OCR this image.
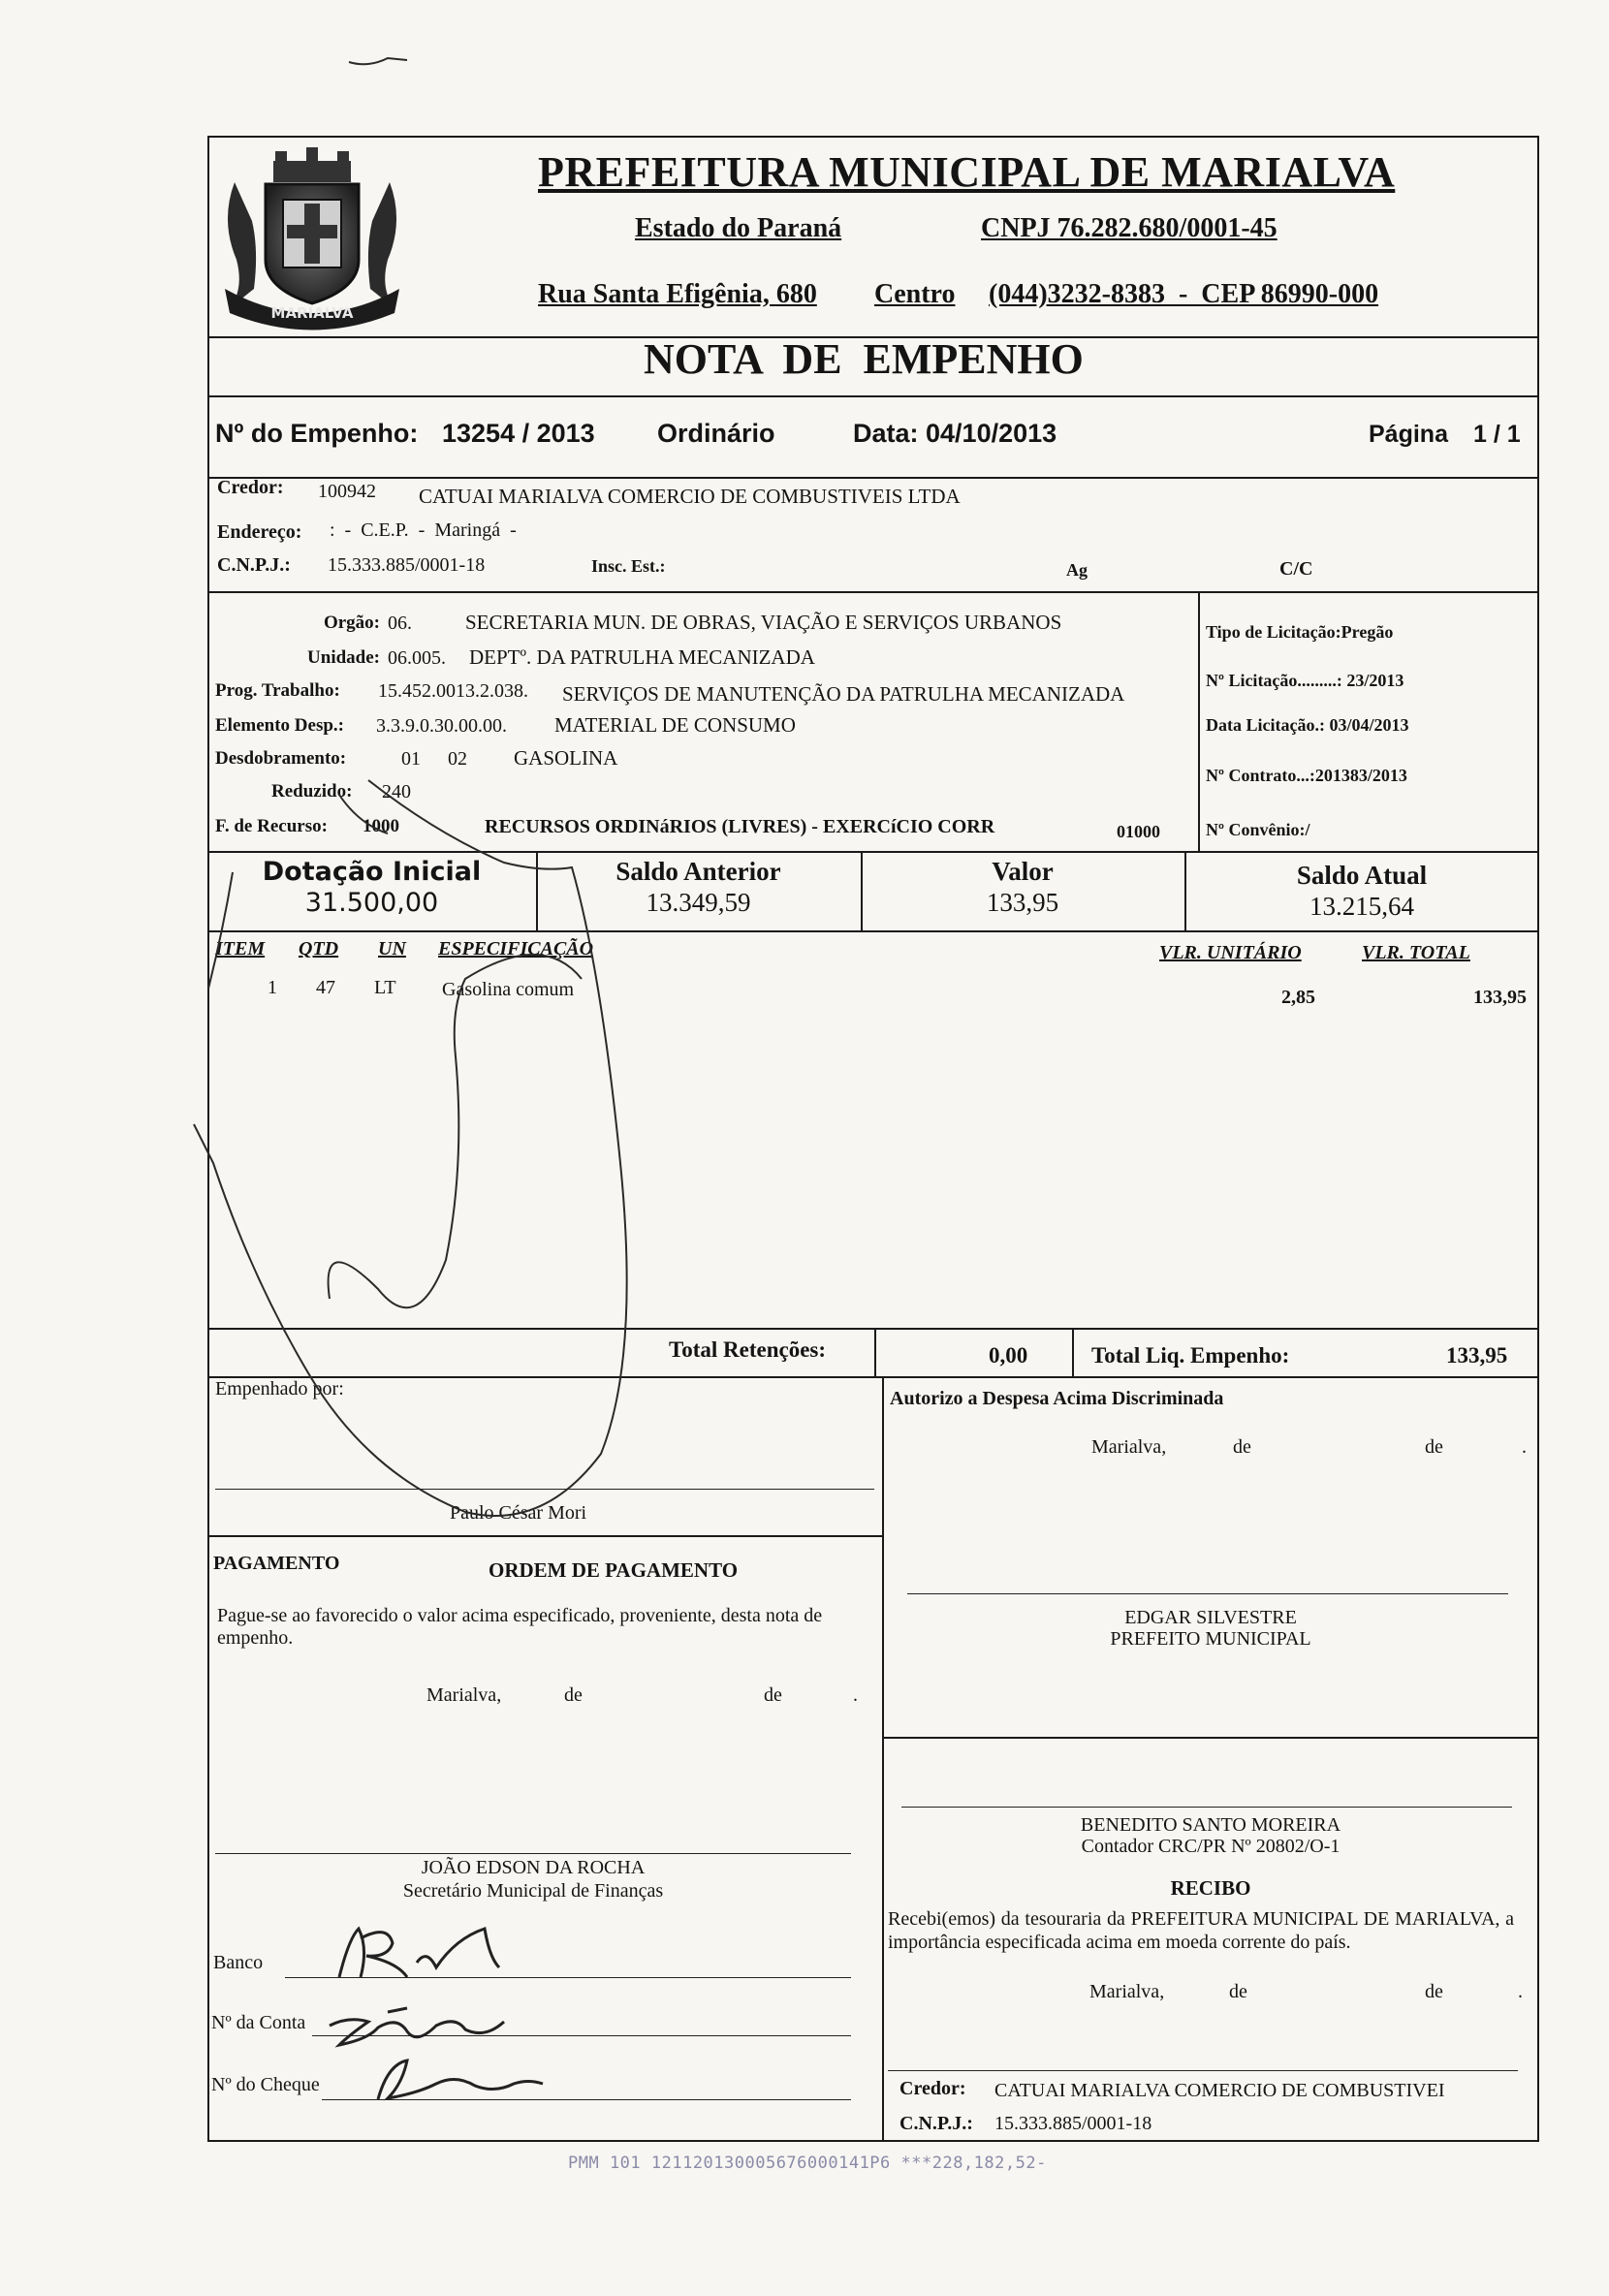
MARIALVA
PREFEITURA MUNICIPAL DE MARIALVA
Estado do Paraná	CNPJ 76.282.680/0001-45
Rua Santa Efigênia, 680 Centro (044)3232-8383  -  CEP 86990-000
NOTA  DE  EMPENHO
Nº do Empenho: 13254 / 2013 Ordinário	Data: 04/10/2013	Página 1 / 1
Credor: 100942 CATUAI MARIALVA COMERCIO DE COMBUSTIVEIS LTDA
Endereço: :  -  C.E.P.  -  Maringá  -
C.N.P.J.: 15.333.885/0001-18	Insc. Est.:	Ag	C/C
Orgão: 06.	SECRETARIA MUN. DE OBRAS, VIAÇÃO E SERVIÇOS URBANOS
Unidade: 06.005. DEPTº. DA PATRULHA MECANIZADA
Prog. Trabalho: 15.452.0013.2.038. SERVIÇOS DE MANUTENÇÃO DA PATRULHA MECANIZADA
Elemento Desp.: 3.3.9.0.30.00.00. MATERIAL DE CONSUMO
Desdobramento:	01 02 GASOLINA
Reduzido: 240
F. de Recurso: 1000	RECURSOS ORDINáRIOS (LIVRES) - EXERCíCIO CORR	01000
Tipo de Licitação:Pregão
Nº Licitação.........: 23/2013
Data Licitação.: 03/04/2013
Nº Contrato...:201383/2013
Nº Convênio:/
Dotação Inicial
31.500,00
Saldo Anterior
13.349,59
Valor
133,95
Saldo Atual
13.215,64
ITEM QTD UN ESPECIFICAÇÃO	VLR. UNITÁRIO	VLR. TOTAL
1 47 LT Gasolina comum	2,85	133,95
Total Retenções:	0,00	Total Liq. Empenho:	133,95
Empenhado por:
Paulo César Mori
Autorizo a Despesa Acima Discriminada
Marialva,	de	de	.
EDGAR SILVESTRE
PREFEITO MUNICIPAL
PAGAMENTO	ORDEM DE PAGAMENTO
Pague-se ao favorecido o valor acima especificado, proveniente, desta nota de empenho.
Marialva,	de	de	.
JOÃO EDSON DA ROCHA
Secretário Municipal de Finanças
Banco
Nº da Conta
Nº do Cheque
BENEDITO SANTO MOREIRA
Contador CRC/PR Nº 20802/O-1
RECIBO
Recebi(emos) da tesouraria da PREFEITURA MUNICIPAL DE MARIALVA, a importância especificada acima em moeda corrente do país.
Marialva,	de	de	.
Credor: CATUAI MARIALVA COMERCIO DE COMBUSTIVEI
C.N.P.J.: 15.333.885/0001-18
PMM 101 121120130005676000141P6 ***228,182,52-
